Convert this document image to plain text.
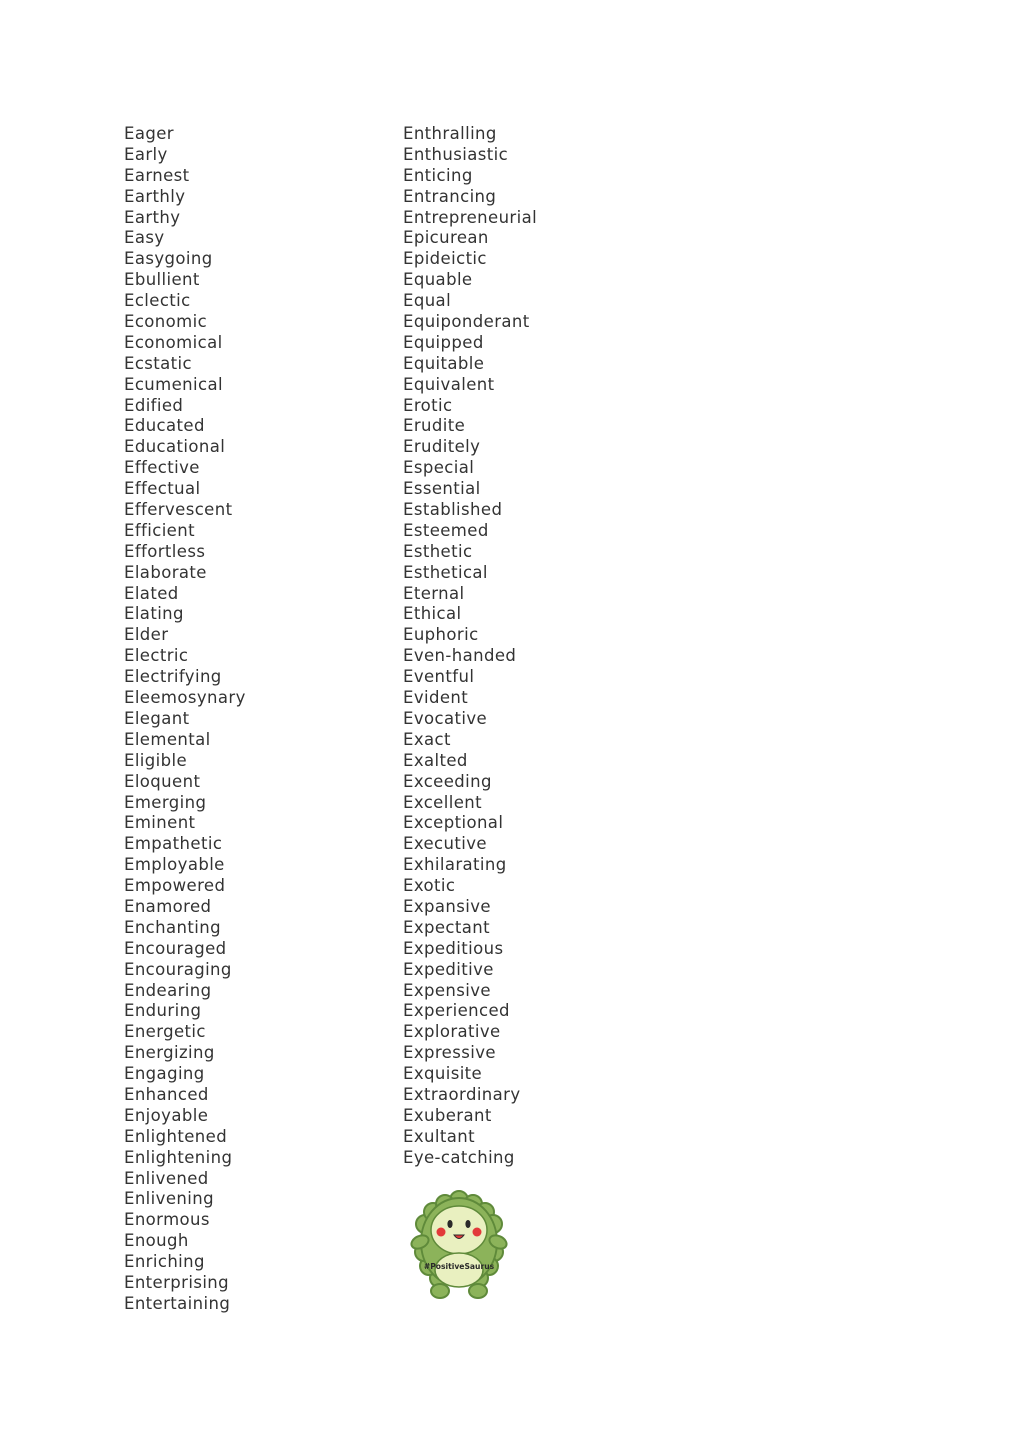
Eager
Early
Earnest
Earthly
Earthy
Easy
Easygoing
Ebullient
Eclectic
Economic
Economical
Ecstatic
Ecumenical
Edified
Educated
Educational
Effective
Effectual
Effervescent
Efficient
Effortless
Elaborate
Elated
Elating
Elder
Electric
Electrifying
Eleemosynary
Elegant
Elemental
Eligible
Eloquent
Emerging
Eminent
Empathetic
Employable
Empowered
Enamored
Enchanting
Encouraged
Encouraging
Endearing
Enduring
Energetic
Energizing
Engaging
Enhanced
Enjoyable
Enlightened
Enlightening
Enlivened
Enlivening
Enormous
Enough
Enriching
Enterprising
Entertaining
Enthralling
Enthusiastic
Enticing
Entrancing
Entrepreneurial
Epicurean
Epideictic
Equable
Equal
Equiponderant
Equipped
Equitable
Equivalent
Erotic
Erudite
Eruditely
Especial
Essential
Established
Esteemed
Esthetic
Esthetical
Eternal
Ethical
Euphoric
Even-handed
Eventful
Evident
Evocative
Exact
Exalted
Exceeding
Excellent
Exceptional
Executive
Exhilarating
Exotic
Expansive
Expectant
Expeditious
Expeditive
Expensive
Experienced
Explorative
Expressive
Exquisite
Extraordinary
Exuberant
Exultant
Eye-catching
#PositiveSaurus
